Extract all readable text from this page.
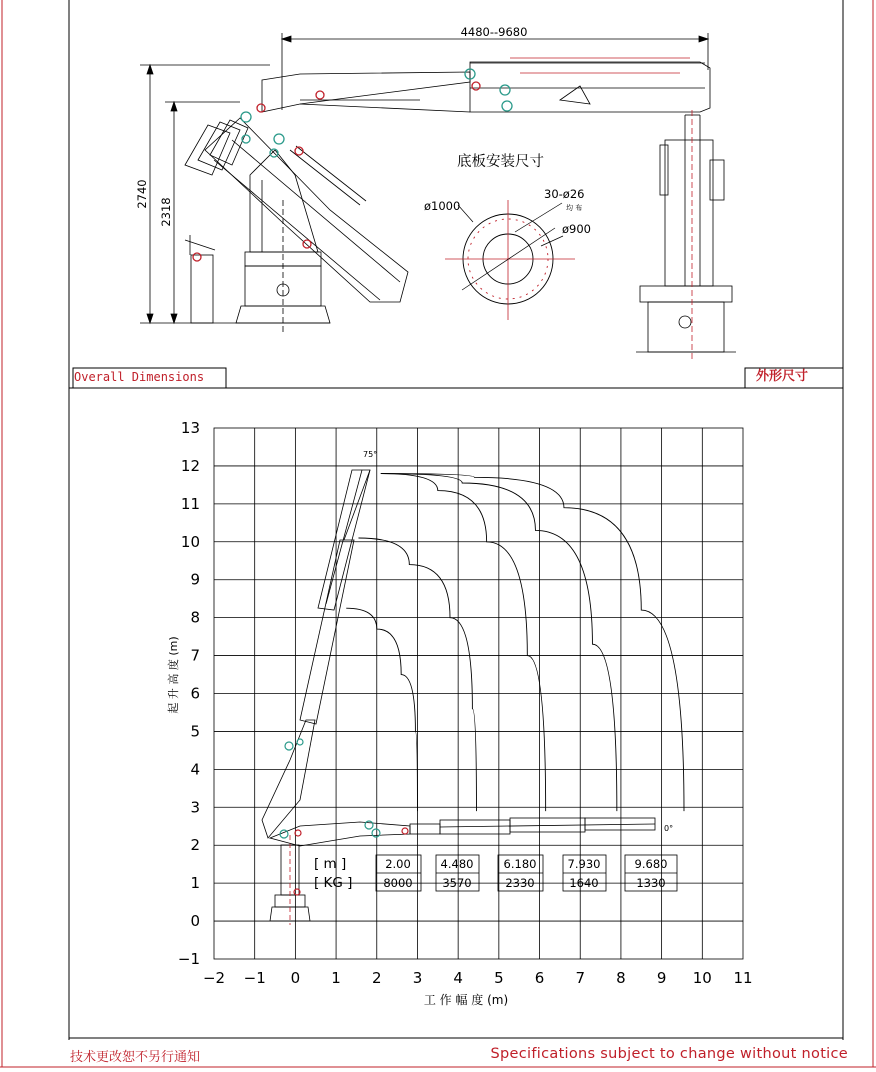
−2 −1 0 1 2 3 4 5 6 7 8 9 10 11
−1
0
1
2
3
4
5
6
7
8
9
10
11
12
13
4480--9680
2740
2318
底板安装尺寸
ø1000
30-ø26
均 布
ø900
起 升 高 度 (m)
工 作 幅 度 (m)
75°
0°
[ m ]
[ KG ]
2.00
8000
4.480
3570
6.180
2330
7.930
1640
9.680
1330
Overall Dimensions	外形尺寸
技术更改恕不另行通知	Specifications subject to change without notice
